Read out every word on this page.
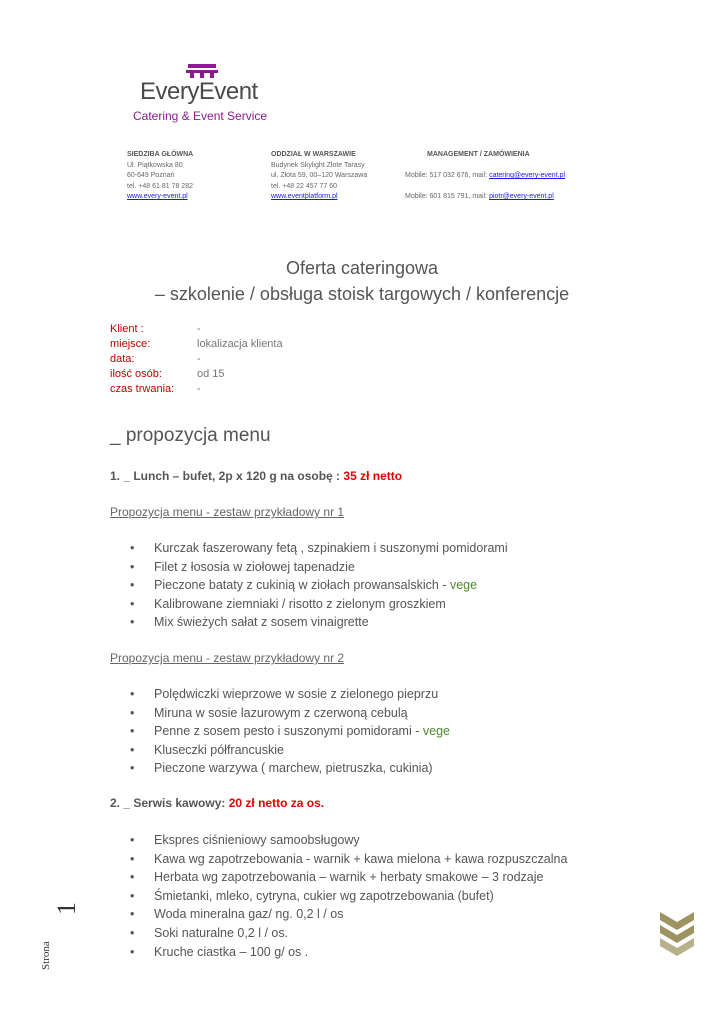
EveryEvent
Catering & Event Service
SIEDZIBA GŁÓWNA
Ul. Piątkowska 80
60-649 Poznań
tel. +48 61 81 78 282
www.every-event.pl
ODDZIAŁ W WARSZAWIE
Budynek Skylight Złote Tarasy
ul. Złota 59, 00–120 Warszawa
tel. +48 22 457 77 60
www.eventplatform.pl
MANAGEMENT / ZAMÓWIENIA

Mobile: 517 032 676, mail: catering@every-event.pl

Mobile: 601 815 791, mail: piotr@every-event.pl
Oferta cateringowa
– szkolenie / obsługa stoisk targowych / konferencje
Klient :	-
miejsce:	lokalizacja klienta
data:	-
ilość osób:	od 15
czas trwania: -
_ propozycja menu
1. _ Lunch – bufet, 2p x 120 g na osobę : 35 zł netto
Propozycja menu - zestaw przykładowy nr 1
• Kurczak faszerowany fetą , szpinakiem i suszonymi pomidorami
• Filet z łososia w ziołowej tapenadzie
• Pieczone bataty z cukinią w ziołach prowansalskich - vege
• Kalibrowane ziemniaki / risotto z zielonym groszkiem
• Mix świeżych sałat z sosem vinaigrette
Propozycja menu - zestaw przykładowy nr 2
• Polędwiczki wieprzowe w sosie z zielonego pieprzu
• Miruna w sosie lazurowym z czerwoną cebulą
• Penne z sosem pesto i suszonymi pomidorami - vege
• Kluseczki półfrancuskie
• Pieczone warzywa ( marchew, pietruszka, cukinia)
2. _ Serwis kawowy: 20 zł netto za os.
• Ekspres ciśnieniowy samoobsługowy
• Kawa wg zapotrzebowania - warnik + kawa mielona + kawa rozpuszczalna
• Herbata wg zapotrzebowania – warnik + herbaty smakowe – 3 rodzaje
• Śmietanki, mleko, cytryna, cukier wg zapotrzebowania (bufet)
• Woda mineralna gaz/ ng. 0,2 l / os
• Soki naturalne 0,2 l / os.
• Kruche ciastka – 100 g/ os .
Strona
1
